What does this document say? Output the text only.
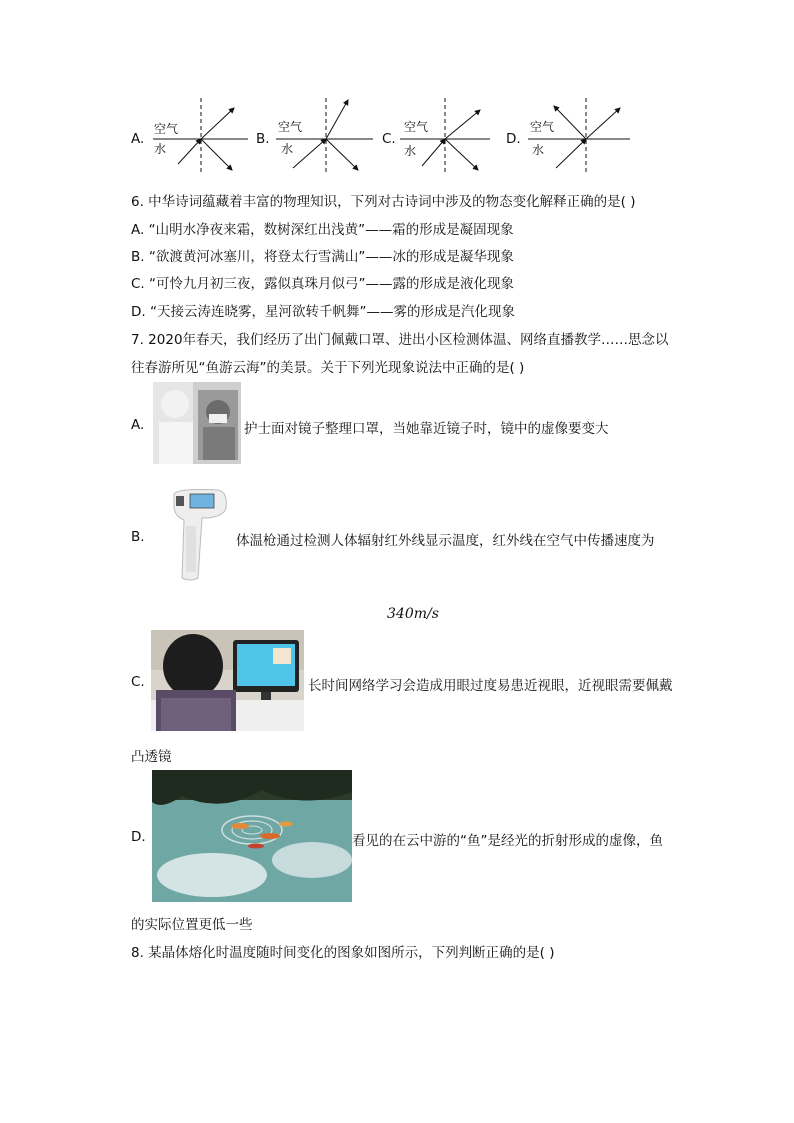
A.
空气
水
B.
空气
水
C.
空气
水
D.
空气
水
6. 中华诗词蕴藏着丰富的物理知识，下列对古诗词中涉及的物态变化解释正确的是( )
A. “山明水净夜来霜，数树深红出浅黄”——霜的形成是凝固现象
B. “欲渡黄河冰塞川，将登太行雪满山”——冰的形成是凝华现象
C. “可怜九月初三夜，露似真珠月似弓”——露的形成是液化现象
D. “天接云涛连晓雾，星河欲转千帆舞”——雾的形成是汽化现象
7. 2020年春天，我们经历了出门佩戴口罩、进出小区检测体温、网络直播教学……思念以
往春游所见“鱼游云海”的美景。关于下列光现象说法中正确的是( )
A.	护士面对镜子整理口罩，当她靠近镜子时，镜中的虚像要变大
B.	体温枪通过检测人体辐射红外线显示温度，红外线在空气中传播速度为
340m/s
C.	长时间网络学习会造成用眼过度易患近视眼，近视眼需要佩戴
凸透镜
D.	看见的在云中游的“鱼”是经光的折射形成的虚像，鱼
的实际位置更低一些
8. 某晶体熔化时温度随时间变化的图象如图所示，下列判断正确的是( )
